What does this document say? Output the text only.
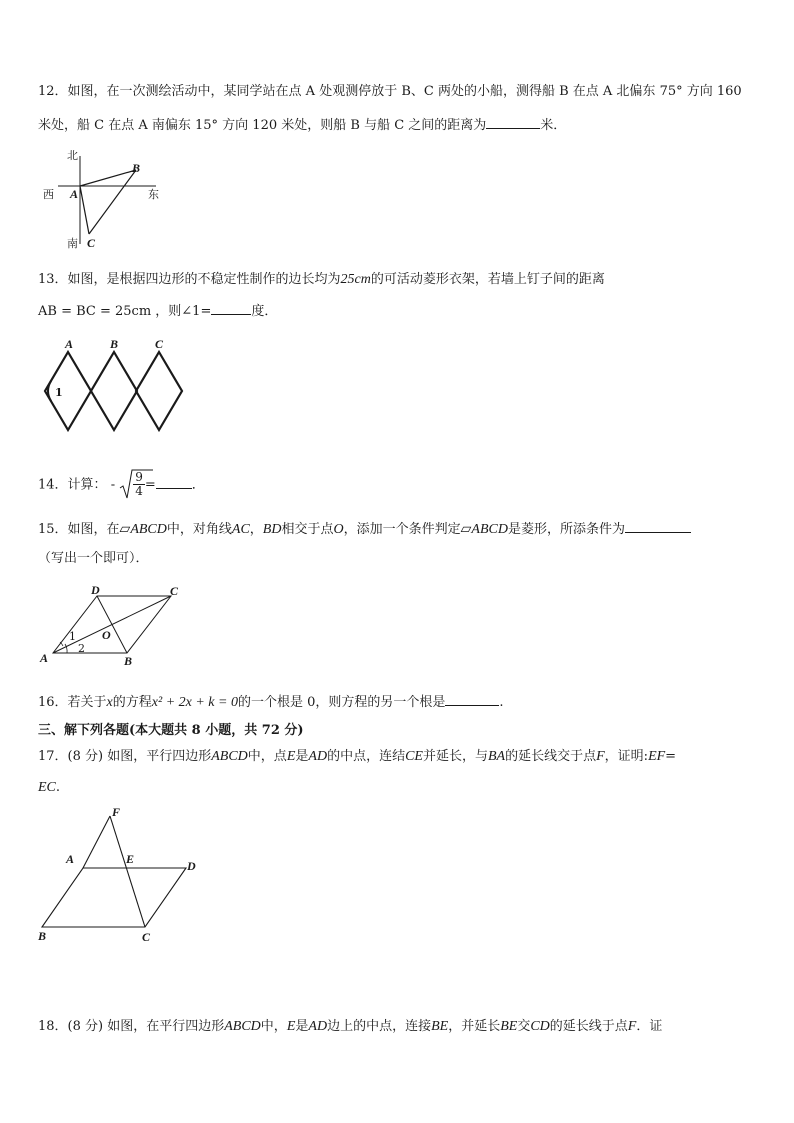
12．如图，在一次测绘活动中，某同学站在点 A 处观测停放于 B、C 两处的小船，测得船 B 在点 A 北偏东 75° 方向 160
米处，船 C 在点 A 南偏东 15° 方向 120 米处，则船 B 与船 C 之间的距离为	米．
北
南
西	东
A
B
C
13．如图，是根据四边形的不稳定性制作的边长均为25cm的可活动菱形衣架，若墙上钉子间的距离
AB = BC = 25cm ，则∠1=	度．
A	B	C
1
14．计算： - $\frac{9}{4}$ =	．
15．如图，在▱ABCD中，对角线AC，BD相交于点O，添加一个条件判定▱ABCD是菱形，所添条件为
（写出一个即可）．
A	B
C
D
O
1
2
16．若关于x的方程x² + 2x + k = 0的一个根是 0，则方程的另一个根是	.
三、解下列各题(本大题共 8 小题，共 72 分)
17．(8 分) 如图，平行四边形ABCD中，点E是AD的中点，连结CE并延长，与BA的延长线交于点F，证明:EF=
EC.
F
A	E	D
B	C
18．(8 分) 如图，在平行四边形ABCD中，E是AD边上的中点，连接BE，并延长BE交CD的延长线于点F．证
